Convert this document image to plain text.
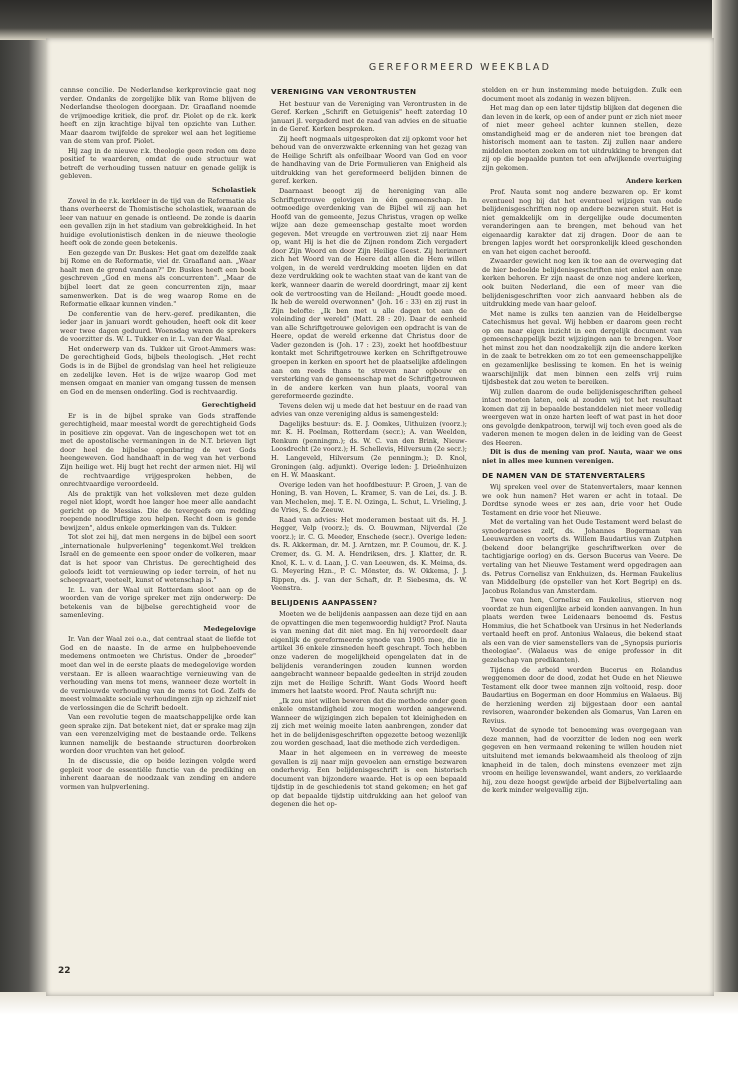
GEREFORMEERD WEEKBLAD

cannse concilie. De Nederlandse kerkprovincie gaat nog verder. Ondanks de zorgelijke blik van Rome blijven de Nederlandse theologen doorgaan. Dr. Graafland noemde de vrijmoedige kritiek, die prof. dr. Piolet op de r.k. kerk heeft en zijn krachtige bijval ten opzichte van Luther. Maar daarom twijfelde de spreker wel aan het legitieme van de stem van prof. Piolet.

Hij zag in de nieuwe r.k. theologie geen reden om deze positief te waarderen, omdat de oude structuur wat betreft de verhouding tussen natuur en genade gelijk is gebleven.

Scholastiek

Zowel in de r.k. kerkleer in de tijd van de Reformatie als thans overheerst de Thomistische scholastiek, waaraan de leer van natuur en genade is ontleend. De zonde is daarin een gevallen zijn in het stadium van gebrekkigheid. In het huidige evolutionistisch denken in de nieuwe theologie heeft ook de zonde geen betekenis.

Een gezegde van Dr. Buskes: Het gaat om dezelfde zaak bij Rome en de Reformatie, viel dr. Graafland aan. „Waar haalt men de grond vandaan?" Dr. Buskes heeft een boek geschreven „God en mens als concurrenten". „Maar de bijbel leert dat ze geen concurrenten zijn, maar samenwerken. Dat is de weg waarop Rome en de Reformatie elkaar kunnen vinden."

De conferentie van de herv.-geref. predikanten, die ieder jaar in januari wordt gehouden, heeft ook dit keer weer twee dagen geduurd. Woensdag waren de sprekers de voorzitter ds. W. L. Tukker en ir. L. van der Waal.

Het onderwerp van ds. Tukker uit Groot-Ammers was: De gerechtigheid Gods, bijbels theologisch. „Het recht Gods is in de Bijbel de grondslag van heel het religieuze en zedelijke leven. Het is de wijze waarop God met mensen omgaat en manier van omgang tussen de mensen en God en de mensen onderling. God is rechtvaardig.

Gerechtigheid

Er is in de bijbel sprake van Gods straffende gerechtigheid, maar meestal wordt de gerechtigheid Gods in positieve zin opgevat. Van de ingeschopen wet tot en met de apostolische vermaningen in de N.T. brieven ligt door heel de bijbelse openbaring de wet Gods heengeweven. God handhaaft in de weg van het verbond Zijn heilige wet. Hij bugt het recht der armen niet. Hij wil de rechtvaardige vrijgesproken hebben, de onrechtvaardige veroordeeld.

Als de praktijk van het volksleven met deze gulden regel niet klopt, wordt hoe langer hoe meer alle aandacht gericht op de Messias. Die de tevergeefs om redding roepende noodlruftige zou helpen. Recht doen is gende bewijzen", aldus enkele opmerkingen van ds. Tukker.

Tot slot zei hij, dat men nergens in de bijbel een soort „internationale hulpverlening" tegenkomt.Wel trekken Israël en de gemeente een spoor onder de volkeren, maar dat is het spoor van Christus. De gerechtigheid des geloofs leidt tot vernieuwing op ieder terrein, of het nu scheepvaart, veeteelt, kunst of wetenschap is."

Ir. L. van der Waal uit Rotterdam sloot aan op de woorden van de vorige spreker met zijn onderwerp: De betekenis van de bijbelse gerechtigheid voor de samenleving.

Medegelovige

Ir. Van der Waal zei o.a., dat centraal staat de liefde tot God en de naaste. In de arme en hulpbehoevende medemens ontmoeten we Christus. Onder de „broeder" moet dan wel in de eerste plaats de medegelovige worden verstaan. Er is alleen waarachtige vernieuwing van de verhouding van mens tot mens, wanneer deze wortelt in de vernieuwde verhouding van de mens tot God. Zelfs de meest volmaakte sociale verhoudingen zijn op zichzelf niet de verlossingen die de Schrift bedoelt.

Van een revolutie tegen de maatschappelijke orde kan geen sprake zijn. Dat betekent niet, dat er sprake mag zijn van een verenzelviging met de bestaande orde. Telkens kunnen namelijk de bestaande structuren doorbroken worden door vruchten van het geloof.

In de discussie, die op beide lezingen volgde werd gepleit voor de essentiële functie van de prediking en inherent daaraan de noodzaak van zending en andere vormen van hulpverlening.

VERENIGING VAN VERONTRUSTEN

Het bestuur van de Vereniging van Verontrusten in de Geref. Kerken „Schrift en Getuigenis" heeft zaterdag 10 januari jl. vergaderd met de raad van advies en de situatie in de Geref. Kerken besproken.

Zij heeft nogmaals uitgesproken dat zij opkomt voor het behoud van de onverzwakte erkenning van het gezag van de Heilige Schrift als onfeilbaar Woord van God en voor de handhaving van de Drie Formulieren van Enigheid als uitdrukking van het gereformeerd belijden binnen de geref. kerken.

Daarnaast beoogt zij de hereniging van alle Schriftgetrouwe gelovigen in één gemeenschap. In ootmoedige overdenking van de Bijbel wil zij aan het Hoofd van de gemeente, Jezus Christus, vragen op welke wijze aan deze gemeenschap gestalte moet worden gegeven. Met vreugde en vertrouwen ziet zij naar Hem op, want Hij is het die de Zijnen rondom Zich vergadert door Zijn Woord en door Zijn Heilige Geest. Zij herinnert zich het Woord van de Heere dat allen die Hem willen volgen, in de wereld verdrukking moeten lijden en dat deze verdrukking ook te wachten staat van de kant van de kerk, wanneer daarin de wereld doordringt, maar zij kent ook de vertroosting van de Heiland: „Houdt goede moed. Ik heb de wereld overwonnen" (Joh. 16 : 33) en zij rust in Zijn belofte: „Ik ben met u alle dagen tot aan de voleinding der wereld" (Matt. 28 : 20). Daar de eenheid van alle Schriftgetrouwe gelovigen een opdracht is van de Heere, opdat de wereld erkenne dat Christus door de Vader gezonden is (Joh. 17 : 23), zoekt het hoofdbestuur kontakt met Schriftgetrouwe kerken en Schriftgetrouwe groepen in kerken en spoort het de plaatselijke afdelingen aan om reeds thans te streven naar opbouw en versterking van de gemeenschap met de Schriftgetrouwen in de andere kerken van hun plaats, vooral van gereformeerde gezindte.

Tevens delen wij u mede dat het bestuur en de raad van advies van onze vereniging aldus is samengesteld:

Dagelijks bestuur: ds. E. J. Oomkes, Uithuizen (voorz.); mr. K. H. Poelman, Rotterdam (secr.); A. van Weelden, Renkum (penningm.); ds. W. C. van den Brink, Nieuw-Loosdrecht (2e voorz.); H. Schellevis, Hilversum (2e secr.); H. Langeveld, Hilversum (2e penningm.); D. Knol, Groningen (alg. adjunkt). Overige leden: J. Drieënhuizen en H. W. Maaskant.

Overige leden van het hoofdbestuur: P. Groen, J. van de Honing, B. van Hoven, L. Kramer, S. van de Lei, ds. J. B. van Mechelen, mej. T. E. N. Ozinga, L. Schut, L. Vrieling, J. de Vries, S. de Zeeuw.

Raad van advies: Het moderamen bestaat uit ds. H. J. Hegger, Velp (voorz.); ds. O. Bouwman, Nijverdal (2e voorz.); ir. C. G. Meeder, Enschede (secr.). Overige leden: ds. R. Akkerman, dr. M. J. Arntzen, mr. P. Coumou, dr. K. J. Cremer, ds. G. M. A. Hendriksen, drs. J. Klatter, dr. R. Knol, K. L. v. d. Laan, J. C. van Leeuwen, ds. K. Meima, ds. G. Meyering Hzn., P. C. Mönster, ds. W. Okkema, J. J. Rippen, ds. J. van der Schaft, dr. P. Siebesma, ds. W. Veenstra.

BELIJDENIS AANPASSEN?

Moeten we de belijdenis aanpassen aan deze tijd en aan de opvattingen die men tegenwoordig huldigt? Prof. Nauta is van mening dat dit niet mag. En hij veroordeelt daar eigenlijk de gereformeerde synode van 1905 mee, die in artikel 36 enkele zinsneden heeft geschrapt. Toch hebben onze vaderen de mogelijkheid opengelaten dat in de belijdenis veranderingen zouden kunnen worden aangebracht wanneer bepaalde gedeelten in strijd zouden zijn met de Heilige Schrift. Want Gods Woord heeft immers het laatste woord. Prof. Nauta schrijft nu:

„Ik zou niet willen beweren dat die methode onder geen enkele omstandigheid zou mogen worden aangewend. Wanneer de wijzigingen zich bepalen tot kleinigheden en zij zich met weinig moeite laten aanbrengen, zonder dat het in de belijdenisgeschriften opgezette betoog wezenlijk zou worden geschaad, laat die methode zich verdedigen.

Maar in het algemeen en in verreweg de meeste gevallen is zij naar mijn gevoelen aan ernstige bezwaren onderhevig. Een belijdenisgeschrift is een historisch document van bijzondere waarde. Het is op een bepaald tijdstip in de geschiedenis tot stand gekomen; en het gaf op dat bepaalde tijdstip uitdrukking aan het geloof van degenen die het op-

stelden en er hun instemming mede betuigden. Zulk een document moet als zodanig in wezen blijven.

Het mag dan op een later tijdstip blijken dat degenen die dan leven in de kerk, op een of ander punt er zich niet meer of niet meer geheel achter kunnen stellen, deze omstandigheid mag er de anderen niet toe brengen dat historisch moment aan te tasten. Zij zullen naar andere middelen moeten zoeken om tot uitdrukking te brengen dat zij op die bepaalde punten tot een afwijkende overtuiging zijn gekomen.

Andere kerken

Prof. Nauta somt nog andere bezwaren op. Er komt eventueel nog bij dat het eventueel wijzigen van oude belijdenisgeschriften nog op andere bezwaren stuit. Het is niet gemakkelijk om in dergelijke oude documenten veranderingen aan te brengen, met behoud van het eigenaardig karakter dat zij dragen. Door de aan te brengen lapjes wordt het oorspronkelijk kleed geschonden en van het eigen cachet beroofd.

Zwaarder gewicht nog ken ik toe aan de overweging dat de hier bedoelde belijdenisgeschriften niet enkel aan onze kerken behoren. Er zijn naast de onze nog andere kerken, ook buiten Nederland, die een of meer van die belijdenisgeschriften voor zich aanvaard hebben als de uitdrukking mede van haar geloof.

Met name is zulks ten aanzien van de Heidelbergse Catechismus het geval. Wij hebben er daarom geen recht op om naar eigen inzicht in een dergelijk document van gemeenschappelijk bezit wijzigingen aan te brengen. Voor het minst zou het dan noodzakelijk zijn die andere kerken in de zaak te betrekken om zo tot een gemeenschappelijke en gezamenlijke beslissing te komen. En het is weinig waarschijnlijk dat men binnen een zelfs vrij ruim tijdsbestek dat zou weten te bereiken.

Wij zullen daarom de oude belijdenisgeschriften geheel intact moeten laten, ook al zouden wij tot het resultaat komen dat zij in bepaalde bestanddelen niet meer volledig weergeven wat in onze harten leeft of wat past in het door ons gevolgde denkpatroon, terwijl wij toch even goed als de vaderen menen te mogen delen in de leiding van de Geest des Heeren.

Dit is dus de mening van prof. Nauta, waar we ons niet in alles mee kunnen verenigen.

DE NAMEN VAN DE STATENVERTALERS

Wij spreken veel over de Statenvertalers, maar kennen we ook hun namen? Het waren er acht in totaal. De Dordtse synode wees er zes aan, drie voor het Oude Testament en drie voor het Nieuwe.

Met de vertaling van het Oude Testament werd belast de synodepraeses zelf, ds. Johannes Bogerman van Leeuwarden en voorts ds. Willem Baudartius van Zutphen (bekend door belangrijke geschriftwerken over de tachtigjarige oorlog) en ds. Gerson Bucerus van Veere. De vertaling van het Nieuwe Testament werd opgedragen aan ds. Petrus Cornelisz van Enkhuizen, ds. Herman Faukelius van Middelburg (de opsteller van het Kort Begrip) en ds. Jacobus Rolandus van Amsterdam.

Twee van hen, Cornelisz en Faukelius, stierven nog voordat ze hun eigenlijke arbeid konden aanvangen. In hun plaats werden twee Leidenaars benoemd ds. Festus Hommius, die het Schatboek van Ursinus in het Nederlands vertaald heeft en prof. Antonius Walaeus, die bekend staat als een van de vier samenstellers van de „Synopsis purioris theologiae". (Walaeus was de enige professor in dit gezelschap van predikanten).

Tijdens de arbeid werden Bucerus en Rolandus weggenomen door de dood, zodat het Oude en het Nieuwe Testament elk door twee mannen zijn voltooid, resp. door Baudartius en Bogerman en door Hommius en Walaeus. Bij de herziening werden zij bijgestaan door een aantal revisoren, waaronder bekenden als Gomarus, Van Laren en Revius.

Voordat de synode tot benoeming was overgegaan van deze mannen, had de voorzitter de leden nog een werk gegeven en hen vermaand rekening te willen houden niet uitsluitend met iemands bekwaamheid als theoloog of zijn knapheid in de talen, doch minstens evenzeer met zijn vroom en heilige levenswandel, want anders, zo verklaarde hij, zou deze hoogst gewijde arbeid der Bijbelvertaling aan de kerk minder welgevallig zijn.

22
